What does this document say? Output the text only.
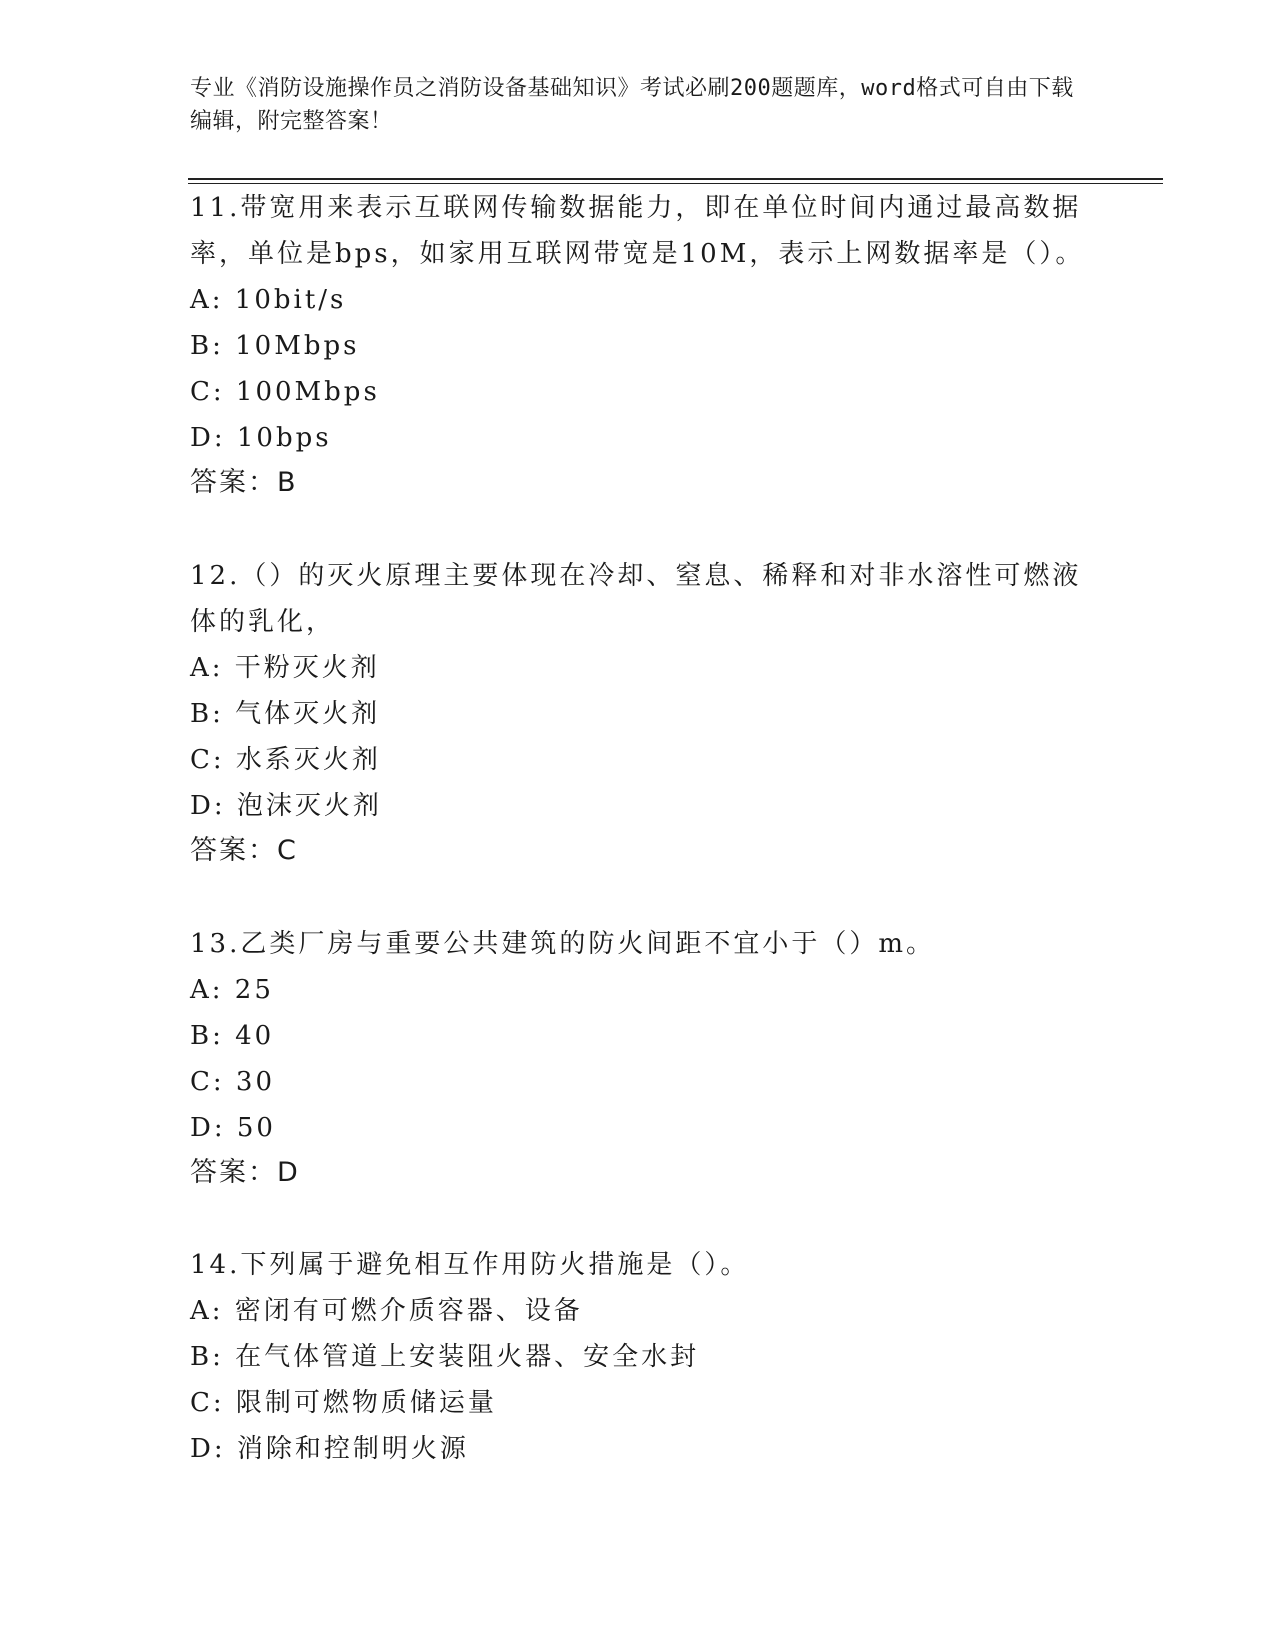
专业《消防设施操作员之消防设备基础知识》考试必刷200题题库，word格式可自由下载编辑，附完整答案！

11.带宽用来表示互联网传输数据能力，即在单位时间内通过最高数据率，单位是bps，如家用互联网带宽是10M，表示上网数据率是（）。

A: 10bit/s

B: 10Mbps

C: 100Mbps

D: 10bps

答案：B

12.（）的灭火原理主要体现在冷却、窒息、稀释和对非水溶性可燃液体的乳化，

A: 干粉灭火剂

B: 气体灭火剂

C: 水系灭火剂

D: 泡沫灭火剂

答案：C

13.乙类厂房与重要公共建筑的防火间距不宜小于（）m。

A: 25

B: 40

C: 30

D: 50

答案：D

14.下列属于避免相互作用防火措施是（）。

A: 密闭有可燃介质容器、设备

B: 在气体管道上安装阻火器、安全水封

C: 限制可燃物质储运量

D: 消除和控制明火源
